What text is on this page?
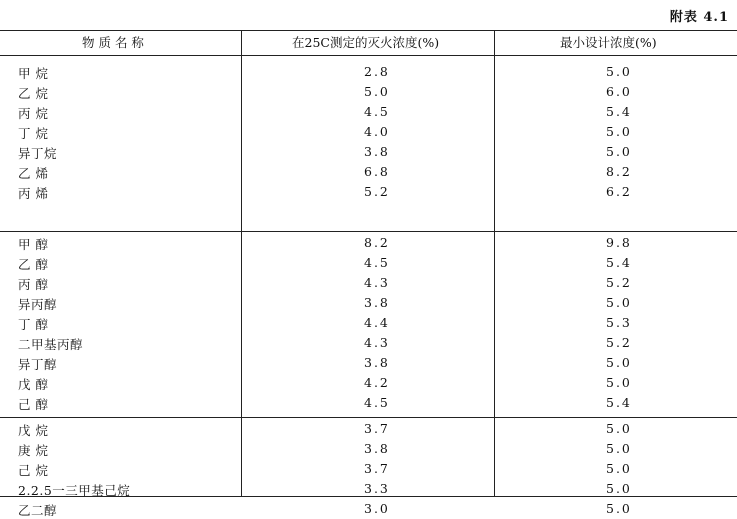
附表 4.1
物 质 名 称	在25C测定的灭火浓度(%)	最小设计浓度(%)
甲 烷	2.8	5.0
乙 烷	5.0	6.0
丙 烷	4.5	5.4
丁 烷	4.0	5.0
异丁烷	3.8	5.0
乙 烯	6.8	8.2
丙 烯	5.2	6.2
甲 醇	8.2	9.8
乙 醇	4.5	5.4
丙 醇	4.3	5.2
异丙醇	3.8	5.0
丁 醇	4.4	5.3
二甲基丙醇	4.3	5.2
异丁醇	3.8	5.0
戊 醇	4.2	5.0
己 醇	4.5	5.4
戊 烷	3.7	5.0
庚 烷	3.8	5.0
己 烷	3.7	5.0
2.2.5一三甲基己烷	3.3	5.0
乙二醇	3.0	5.0
